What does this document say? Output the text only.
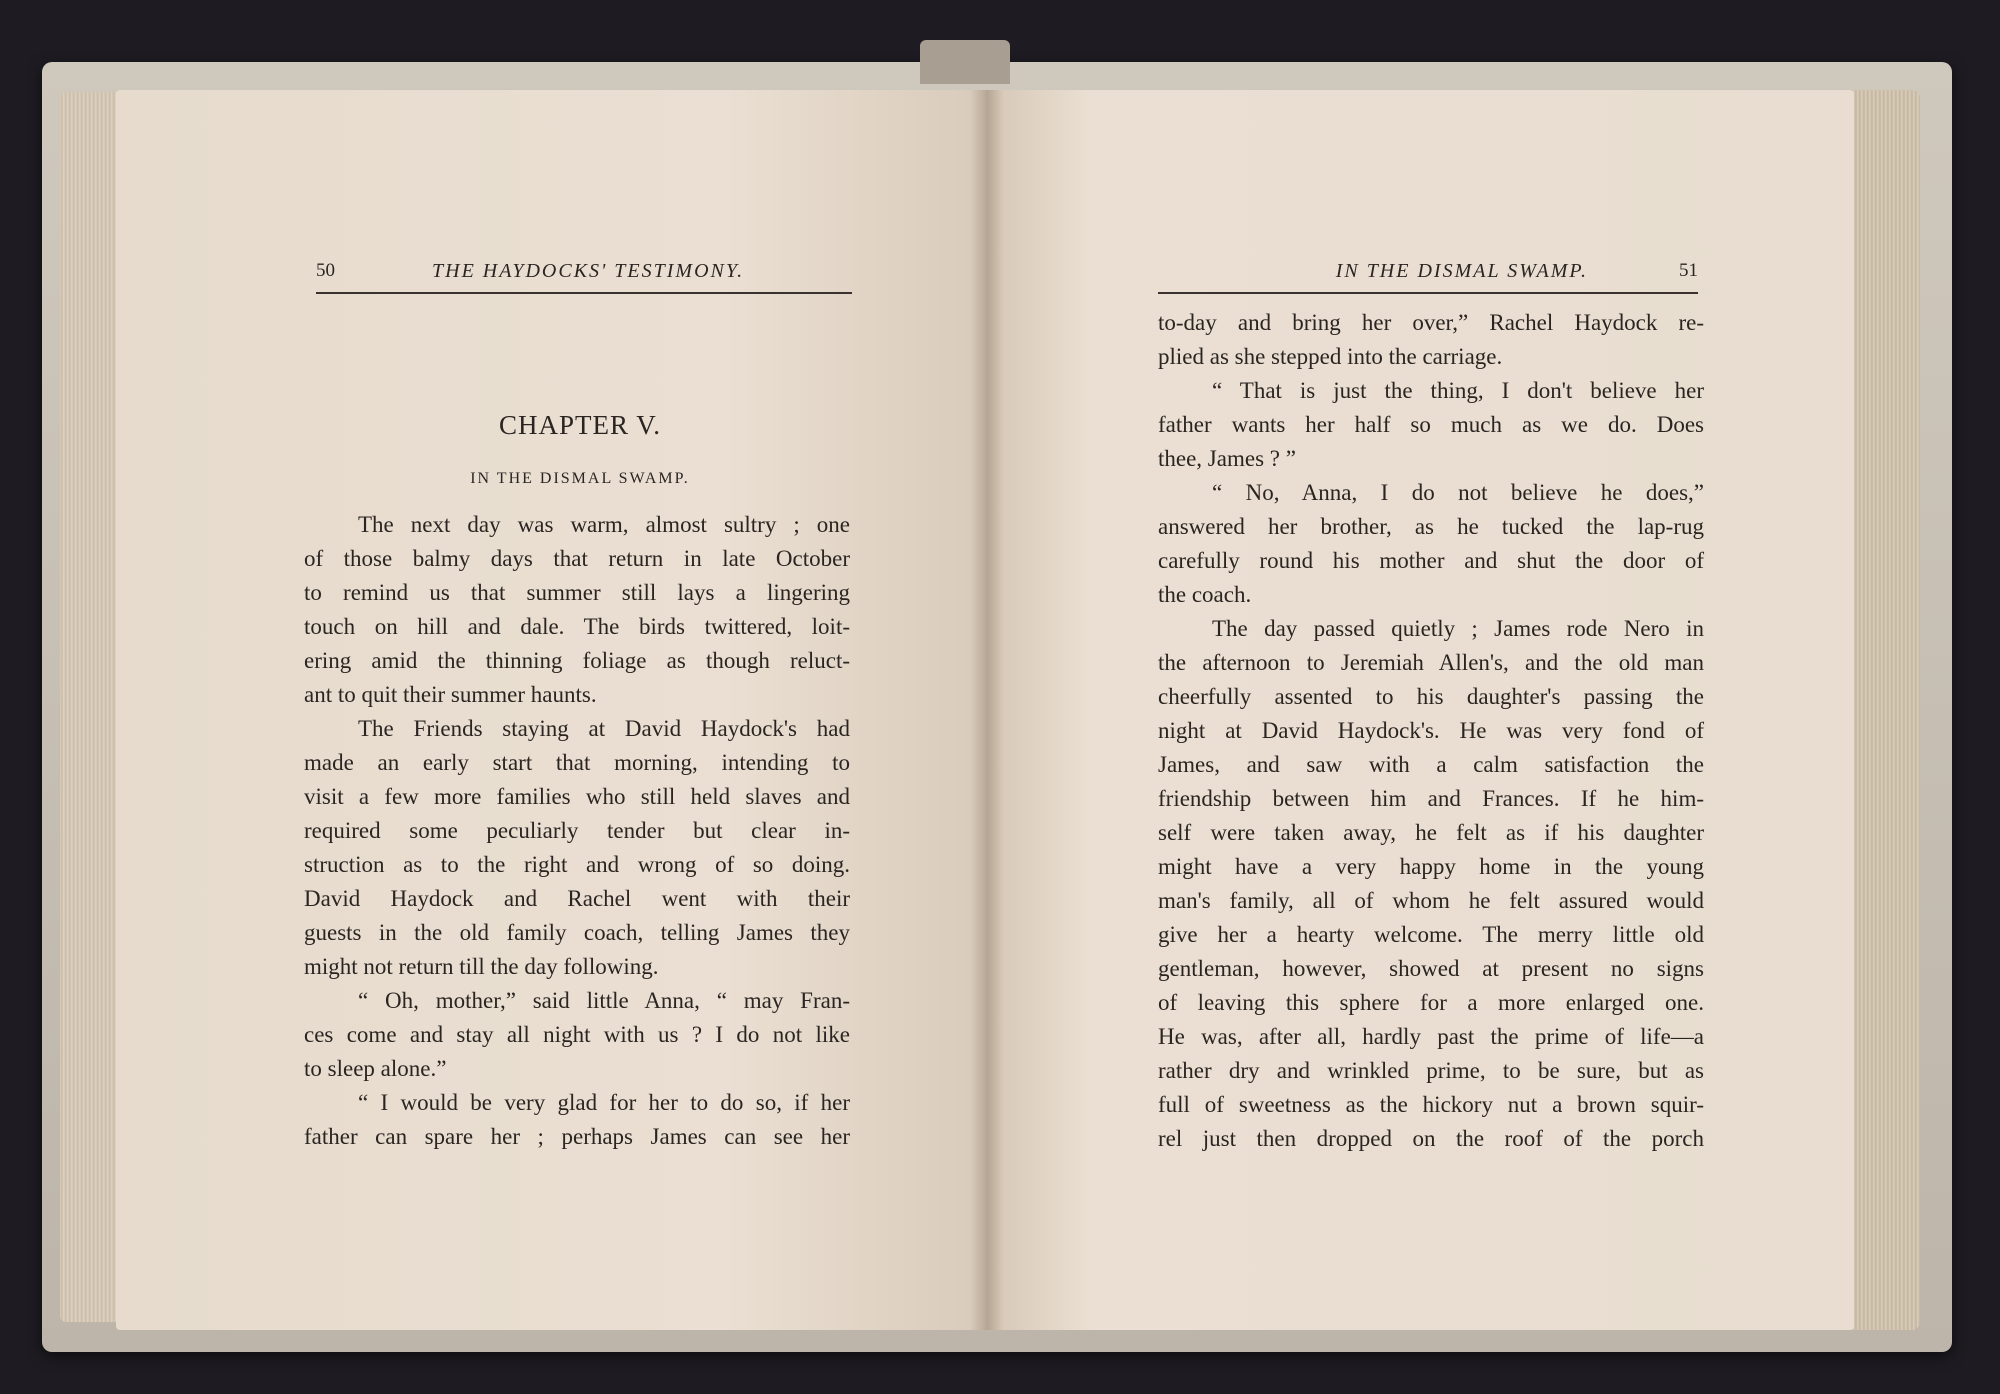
50	THE HAYDOCKS' TESTIMONY.	IN THE DISMAL SWAMP.	51
CHAPTER V.
IN THE DISMAL SWAMP.
The next day was warm, almost sultry ; one
of those balmy days that return in late October
to remind us that summer still lays a lingering
touch on hill and dale. The birds twittered, loit-
ering amid the thinning foliage as though reluct-
ant to quit their summer haunts.
The Friends staying at David Haydock's had
made an early start that morning, intending to
visit a few more families who still held slaves and
required some peculiarly tender but clear in-
struction as to the right and wrong of so doing.
David Haydock and Rachel went with their
guests in the old family coach, telling James they
might not return till the day following.
“ Oh, mother,” said little Anna, “ may Fran-
ces come and stay all night with us ? I do not like
to sleep alone.”
“ I would be very glad for her to do so, if her
father can spare her ; perhaps James can see her
to-day and bring her over,” Rachel Haydock re-
plied as she stepped into the carriage.
“ That is just the thing, I don't believe her
father wants her half so much as we do. Does
thee, James ? ”
“ No, Anna, I do not believe he does,”
answered her brother, as he tucked the lap-rug
carefully round his mother and shut the door of
the coach.
The day passed quietly ; James rode Nero in
the afternoon to Jeremiah Allen's, and the old man
cheerfully assented to his daughter's passing the
night at David Haydock's. He was very fond of
James, and saw with a calm satisfaction the
friendship between him and Frances. If he him-
self were taken away, he felt as if his daughter
might have a very happy home in the young
man's family, all of whom he felt assured would
give her a hearty welcome. The merry little old
gentleman, however, showed at present no signs
of leaving this sphere for a more enlarged one.
He was, after all, hardly past the prime of life—a
rather dry and wrinkled prime, to be sure, but as
full of sweetness as the hickory nut a brown squir-
rel just then dropped on the roof of the porch
